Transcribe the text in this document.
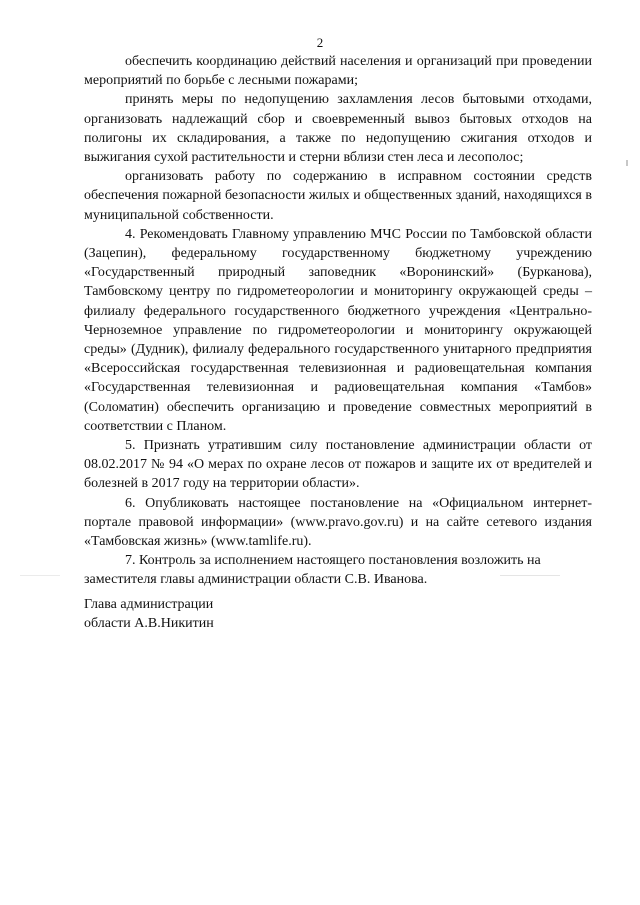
2

обеспечить координацию действий населения и организаций при проведении мероприятий по борьбе с лесными пожарами;

принять меры по недопущению захламления лесов бытовыми отходами, организовать надлежащий сбор и своевременный вывоз бытовых отходов на полигоны их складирования, а также по недопущению сжигания отходов и выжигания сухой растительности и стерни вблизи стен леса и лесополос;

организовать работу по содержанию в исправном состоянии средств обеспечения пожарной безопасности жилых и общественных зданий, находящихся в муниципальной собственности.

4. Рекомендовать Главному управлению МЧС России по Тамбовской области (Зацепин), федеральному государственному бюджетному учреждению «Государственный природный заповедник «Воронинский» (Бурканова), Тамбовскому центру по гидрометеорологии и мониторингу окружающей среды – филиалу федерального государственного бюджетного учреждения «Центрально- Черноземное управление по гидрометеорологии и мониторингу окружающей среды» (Дудник), филиалу федерального государственного унитарного предприятия «Всероссийская государственная телевизионная и радиовещательная компания «Государственная телевизионная и радиовещательная компания «Тамбов» (Соломатин) обеспечить организацию и проведение совместных мероприятий в соответствии с Планом.

5. Признать утратившим силу постановление администрации области от 08.02.2017 № 94 «О мерах по охране лесов от пожаров и защите их от вредителей и болезней в 2017 году на территории области».

6. Опубликовать настоящее постановление на «Официальном интернет-портале правовой информации» (www.pravo.gov.ru) и на сайте сетевого издания «Тамбовская жизнь» (www.tamlife.ru).

7. Контроль за исполнением настоящего постановления возложить на заместителя главы администрации области С.В. Иванова.

Глава администрации
области А.В.Никитин
